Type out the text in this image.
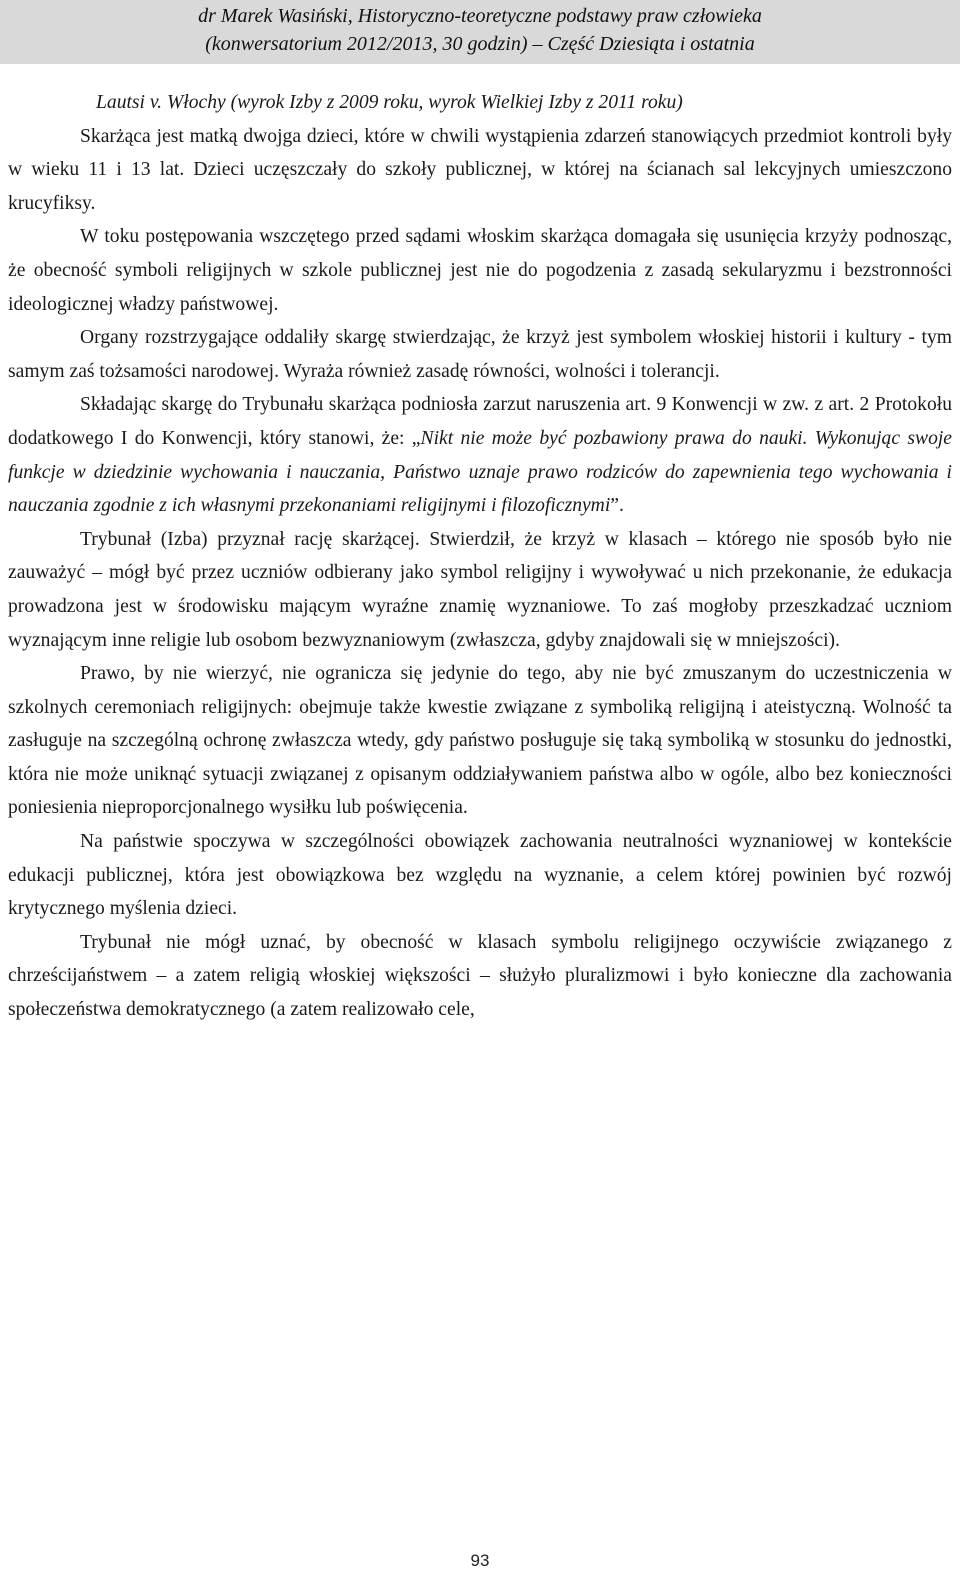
dr Marek Wasiński, Historyczno-teoretyczne podstawy praw człowieka
(konwersatorium 2012/2013, 30 godzin) – Część Dziesiąta i ostatnia
Lautsi v. Włochy (wyrok Izby z 2009 roku, wyrok Wielkiej Izby z 2011 roku)

Skarżąca jest matką dwojga dzieci, które w chwili wystąpienia zdarzeń stanowiących przedmiot kontroli były w wieku 11 i 13 lat. Dzieci uczęszczały do szkoły publicznej, w której na ścianach sal lekcyjnych umieszczono krucyfiksy.

W toku postępowania wszczętego przed sądami włoskim skarżąca domagała się usunięcia krzyży podnosząc, że obecność symboli religijnych w szkole publicznej jest nie do pogodzenia z zasadą sekularyzmu i bezstronności ideologicznej władzy państwowej.

Organy rozstrzygające oddaliły skargę stwierdzając, że krzyż jest symbolem włoskiej historii i kultury - tym samym zaś tożsamości narodowej. Wyraża również zasadę równości, wolności i tolerancji.

Składając skargę do Trybunału skarżąca podniosła zarzut naruszenia art. 9 Konwencji w zw. z art. 2 Protokołu dodatkowego I do Konwencji, który stanowi, że: „Nikt nie może być pozbawiony prawa do nauki. Wykonując swoje funkcje w dziedzinie wychowania i nauczania, Państwo uznaje prawo rodziców do zapewnienia tego wychowania i nauczania zgodnie z ich własnymi przekonaniami religijnymi i filozoficznymi”.

Trybunał (Izba) przyznał rację skarżącej. Stwierdził, że krzyż w klasach – którego nie sposób było nie zauważyć – mógł być przez uczniów odbierany jako symbol religijny i wywoływać u nich przekonanie, że edukacja prowadzona jest w środowisku mającym wyraźne znamię wyznaniowe. To zaś mogłoby przeszkadzać uczniom wyznającym inne religie lub osobom bezwyznaniowym (zwłaszcza, gdyby znajdowali się w mniejszości).

Prawo, by nie wierzyć, nie ogranicza się jedynie do tego, aby nie być zmuszanym do uczestniczenia w szkolnych ceremoniach religijnych: obejmuje także kwestie związane z symboliką religijną i ateistyczną. Wolność ta zasługuje na szczególną ochronę zwłaszcza wtedy, gdy państwo posługuje się taką symboliką w stosunku do jednostki, która nie może uniknąć sytuacji związanej z opisanym oddziaływaniem państwa albo w ogóle, albo bez konieczności poniesienia nieproporcjonalnego wysiłku lub poświęcenia.

Na państwie spoczywa w szczególności obowiązek zachowania neutralności wyznaniowej w kontekście edukacji publicznej, która jest obowiązkowa bez względu na wyznanie, a celem której powinien być rozwój krytycznego myślenia dzieci.

Trybunał nie mógł uznać, by obecność w klasach symbolu religijnego oczywiście związanego z chrześcijaństwem – a zatem religią włoskiej większości – służyło pluralizmowi i było konieczne dla zachowania społeczeństwa demokratycznego (a zatem realizowało cele,

93
